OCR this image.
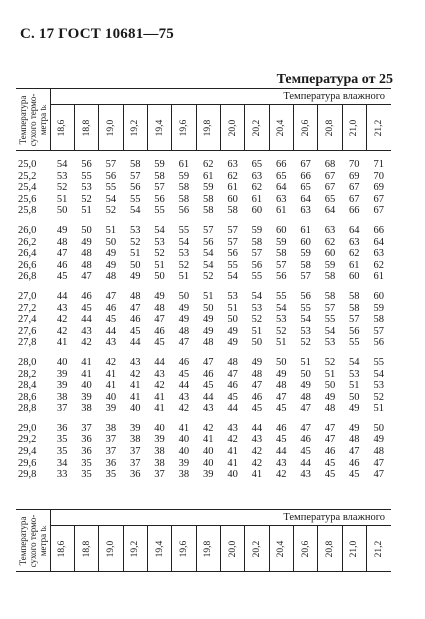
С. 17 ГОСТ 10681—75
Температура от 25
Температура сухого термо- метра tₖ	Температура влажного													

	18,6	18,8	19,0	19,2	19,4	19,6	19,8	20,0	20,2	20,4	20,6	20,8	21,0	21,2

25,0	54	56	57	58	59	61	62	63	65	66	67	68	70	71
25,2	53	55	56	57	58	59	61	62	63	65	66	67	69	70
25,4	52	53	55	56	57	58	59	61	62	64	65	67	67	69
25,6	51	52	54	55	56	58	58	60	61	63	64	65	67	67
25,8	50	51	52	54	55	56	58	58	60	61	63	64	66	67

26,0	49	50	51	53	54	55	57	57	59	60	61	63	64	66
26,2	48	49	50	52	53	54	56	57	58	59	60	62	63	64
26,4	47	48	49	51	52	53	54	56	57	58	59	60	62	63
26,6	46	48	49	50	51	52	54	55	56	57	58	59	61	62
26,8	45	47	48	49	50	51	52	54	55	56	57	58	60	61

27,0	44	46	47	48	49	50	51	53	54	55	56	58	58	60
27,2	43	45	46	47	48	49	50	51	53	54	55	57	58	59
27,4	42	44	45	46	47	49	49	50	52	53	54	55	57	58
27,6	42	43	44	45	46	48	49	49	51	52	53	54	56	57
27,8	41	42	43	44	45	47	48	49	50	51	52	53	55	56

28,0	40	41	42	43	44	46	47	48	49	50	51	52	54	55
28,2	39	41	41	42	43	45	46	47	48	49	50	51	53	54
28,4	39	40	41	41	42	44	45	46	47	48	49	50	51	53
28,6	38	39	40	41	41	43	44	45	46	47	48	49	50	52
28,8	37	38	39	40	41	42	43	44	45	45	47	48	49	51

29,0	36	37	38	39	40	41	42	43	44	46	47	47	49	50
29,2	35	36	37	38	39	40	41	42	43	45	46	47	48	49
29,4	35	36	37	37	38	40	40	41	42	44	45	46	47	48
29,6	34	35	36	37	38	39	40	41	42	43	44	45	46	47
29,8	33	35	35	36	37	38	39	40	41	42	43	45	45	47
Температура сухого термо- метра tₖ	Температура влажного													

	18,6	18,8	19,0	19,2	19,4	19,6	19,8	20,0	20,2	20,4	20,6	20,8	21,0	21,2
